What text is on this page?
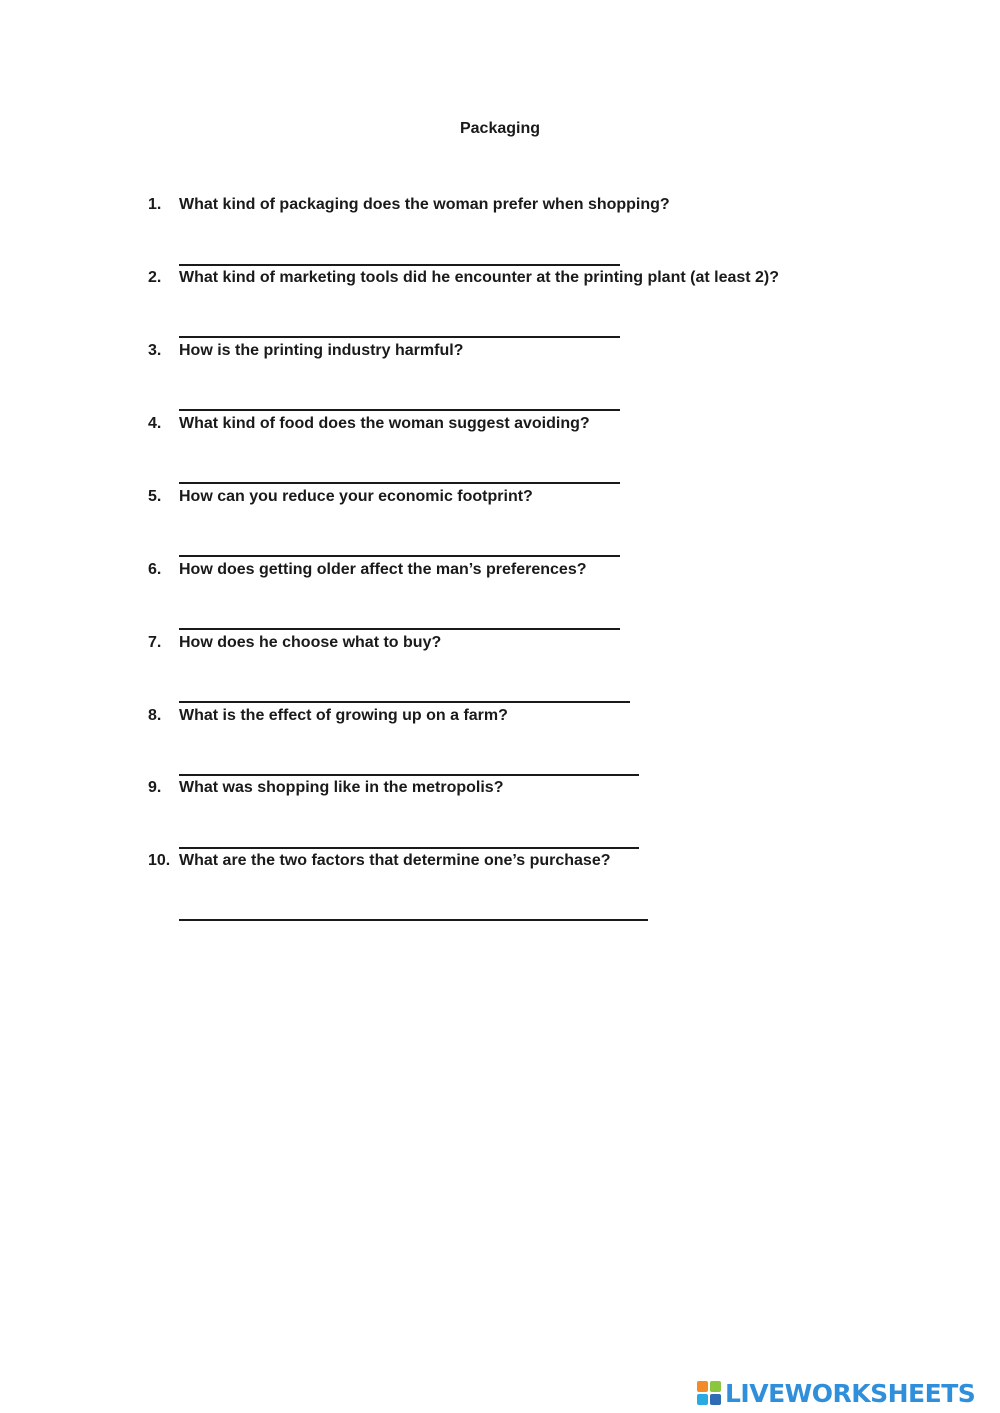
Packaging
1. What kind of packaging does the woman prefer when shopping?
2. What kind of marketing tools did he encounter at the printing plant (at least 2)?
3. How is the printing industry harmful?
4. What kind of food does the woman suggest avoiding?
5. How can you reduce your economic footprint?
6. How does getting older affect the man’s preferences?
7. How does he choose what to buy?
8. What is the effect of growing up on a farm?
9. What was shopping like in the metropolis?
10. What are the two factors that determine one’s purchase?
LIVEWORKSHEETS
